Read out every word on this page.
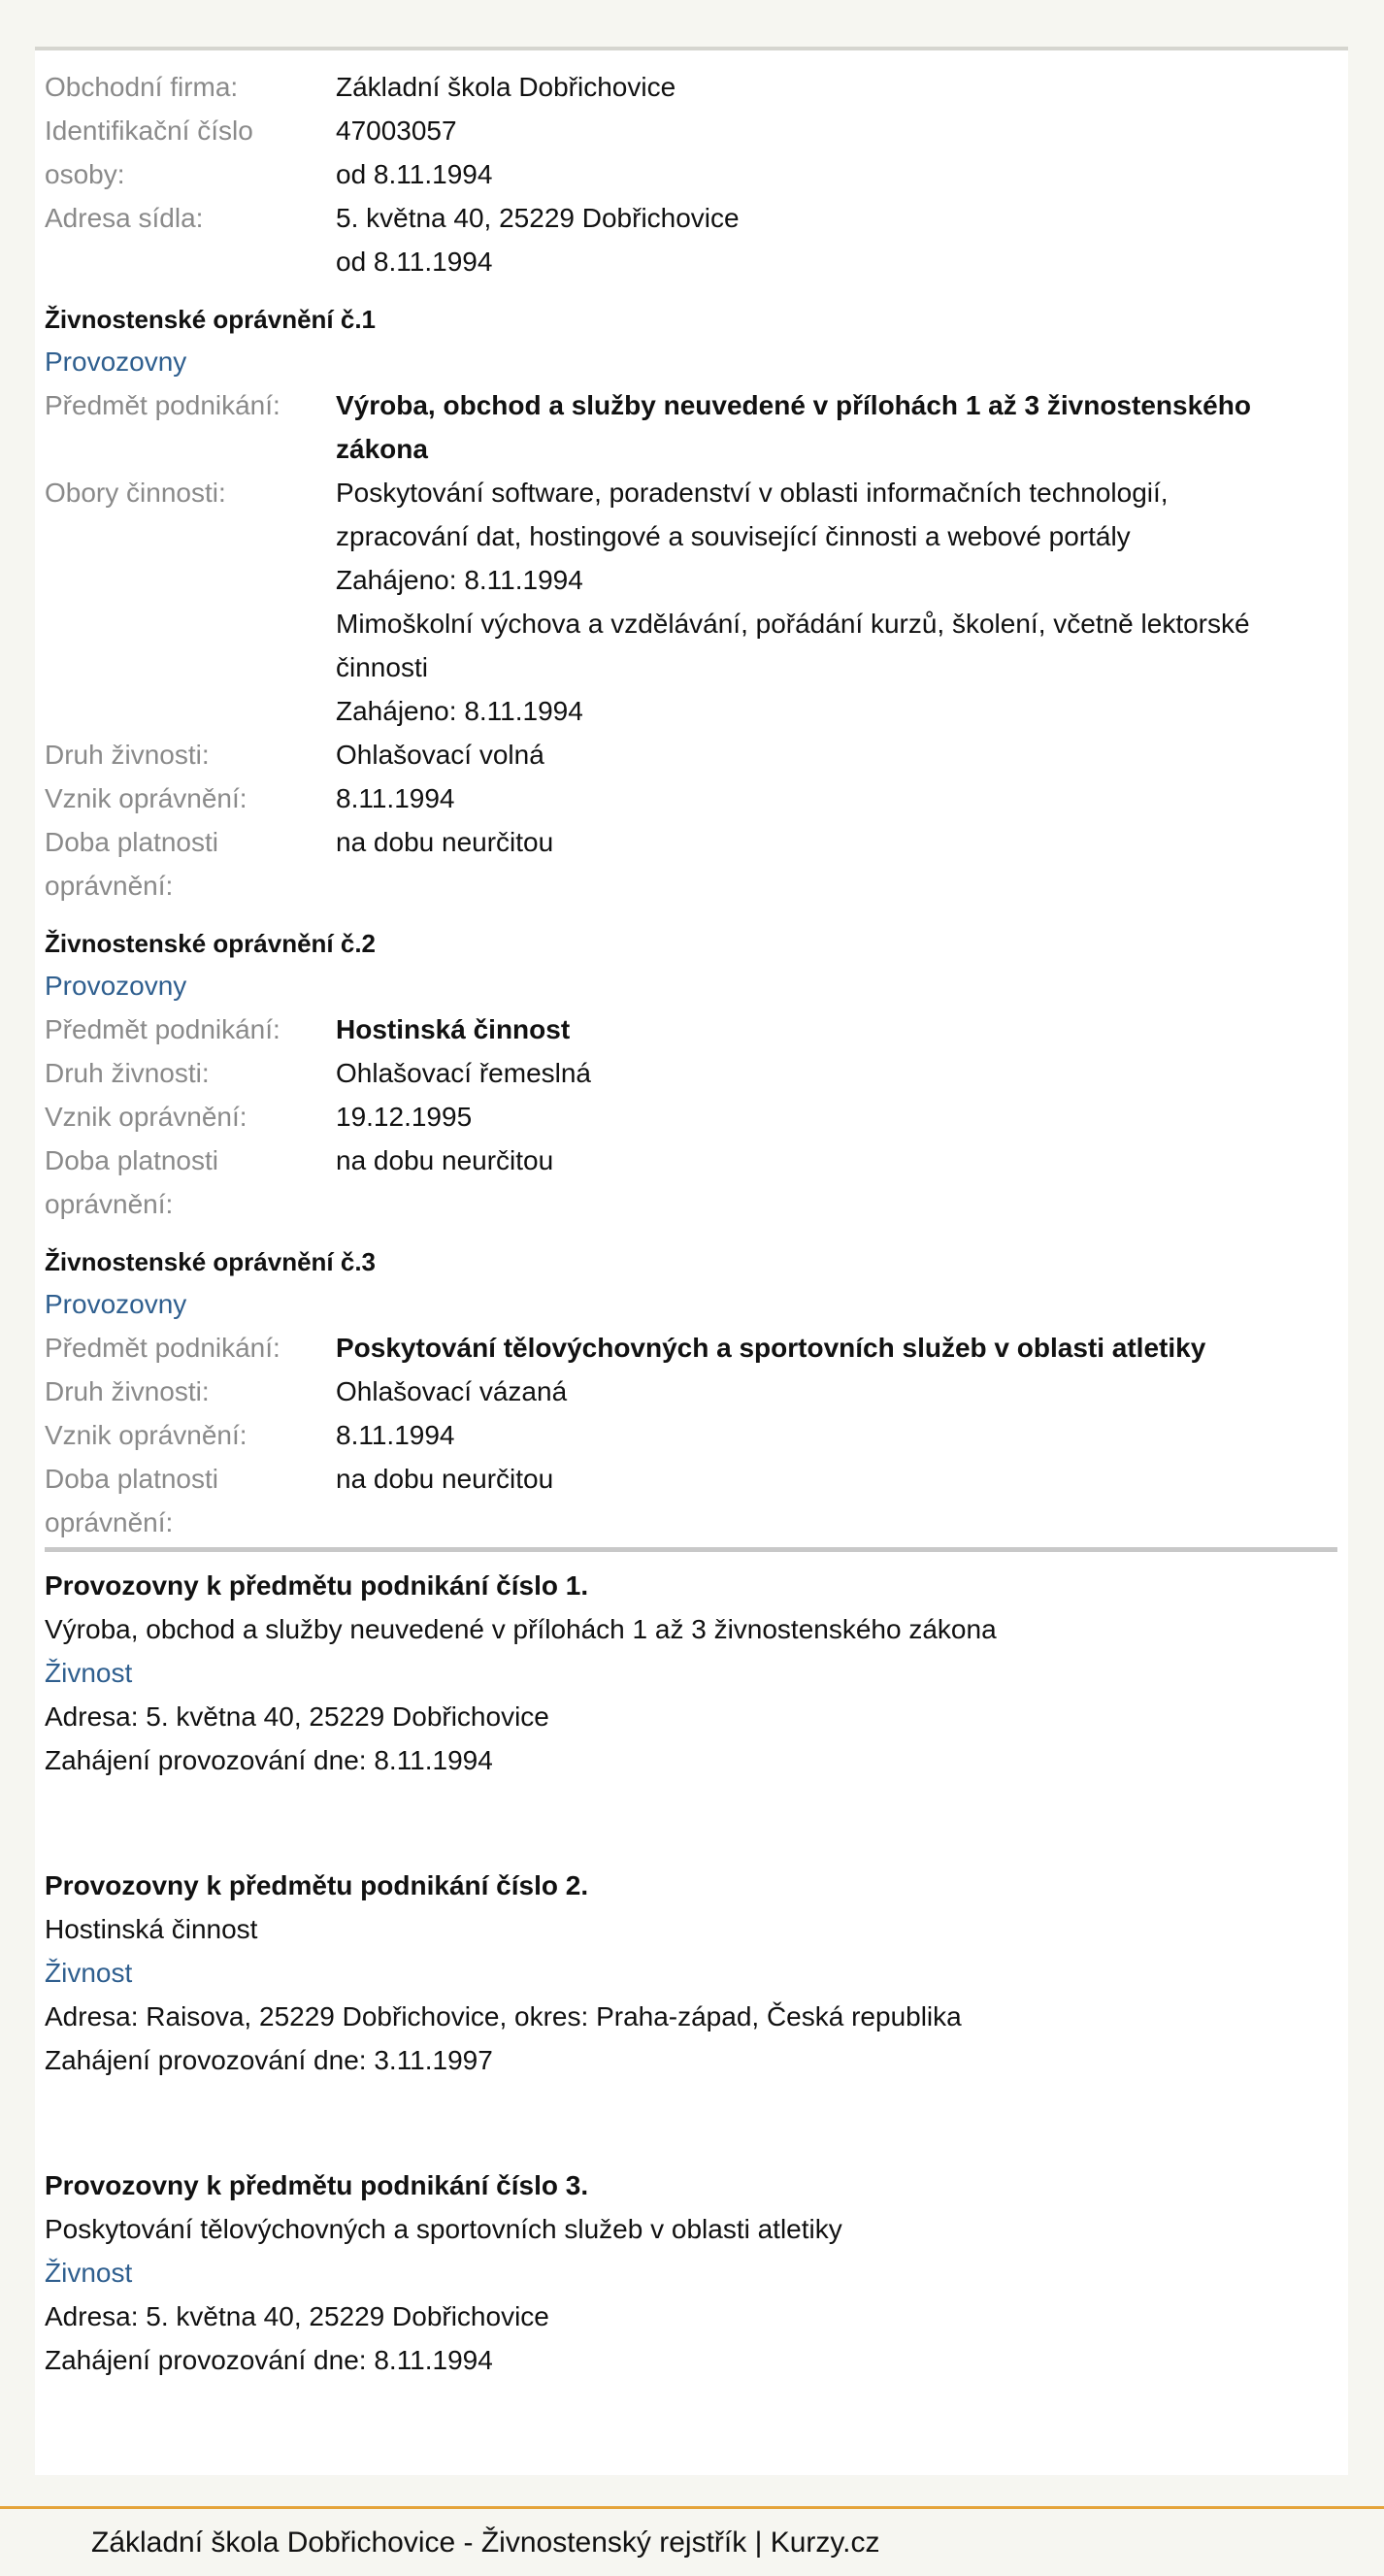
Obchodní firma:	Základní škola Dobřichovice
Identifikační číslo	47003057
osoby:	od 8.11.1994
Adresa sídla:	5. května 40, 25229 Dobřichovice
od 8.11.1994
Živnostenské oprávnění č.1
Provozovny
Předmět podnikání:	Výroba, obchod a služby neuvedené v přílohách 1 až 3 živnostenského
zákona
Obory činnosti:	Poskytování software, poradenství v oblasti informačních technologií,
zpracování dat, hostingové a související činnosti a webové portály
Zahájeno: 8.11.1994
Mimoškolní výchova a vzdělávání, pořádání kurzů, školení, včetně lektorské
činnosti
Zahájeno: 8.11.1994
Druh živnosti:	Ohlašovací volná
Vznik oprávnění:	8.11.1994
Doba platnosti
oprávnění:
na dobu neurčitou
Živnostenské oprávnění č.2
Provozovny
Předmět podnikání:	Hostinská činnost
Druh živnosti:	Ohlašovací řemeslná
Vznik oprávnění:	19.12.1995
Doba platnosti
oprávnění:
na dobu neurčitou
Živnostenské oprávnění č.3
Provozovny
Předmět podnikání:	Poskytování tělovýchovných a sportovních služeb v oblasti atletiky
Druh živnosti:	Ohlašovací vázaná
Vznik oprávnění:	8.11.1994
Doba platnosti
oprávnění:
na dobu neurčitou
Provozovny k předmětu podnikání číslo 1.
Výroba, obchod a služby neuvedené v přílohách 1 až 3 živnostenského zákona
Živnost
Adresa: 5. května 40, 25229 Dobřichovice
Zahájení provozování dne: 8.11.1994
Provozovny k předmětu podnikání číslo 2.
Hostinská činnost
Živnost
Adresa: Raisova, 25229 Dobřichovice, okres: Praha-západ, Česká republika
Zahájení provozování dne: 3.11.1997
Provozovny k předmětu podnikání číslo 3.
Poskytování tělovýchovných a sportovních služeb v oblasti atletiky
Živnost
Adresa: 5. května 40, 25229 Dobřichovice
Zahájení provozování dne: 8.11.1994
Základní škola Dobřichovice - Živnostenský rejstřík | Kurzy.cz
